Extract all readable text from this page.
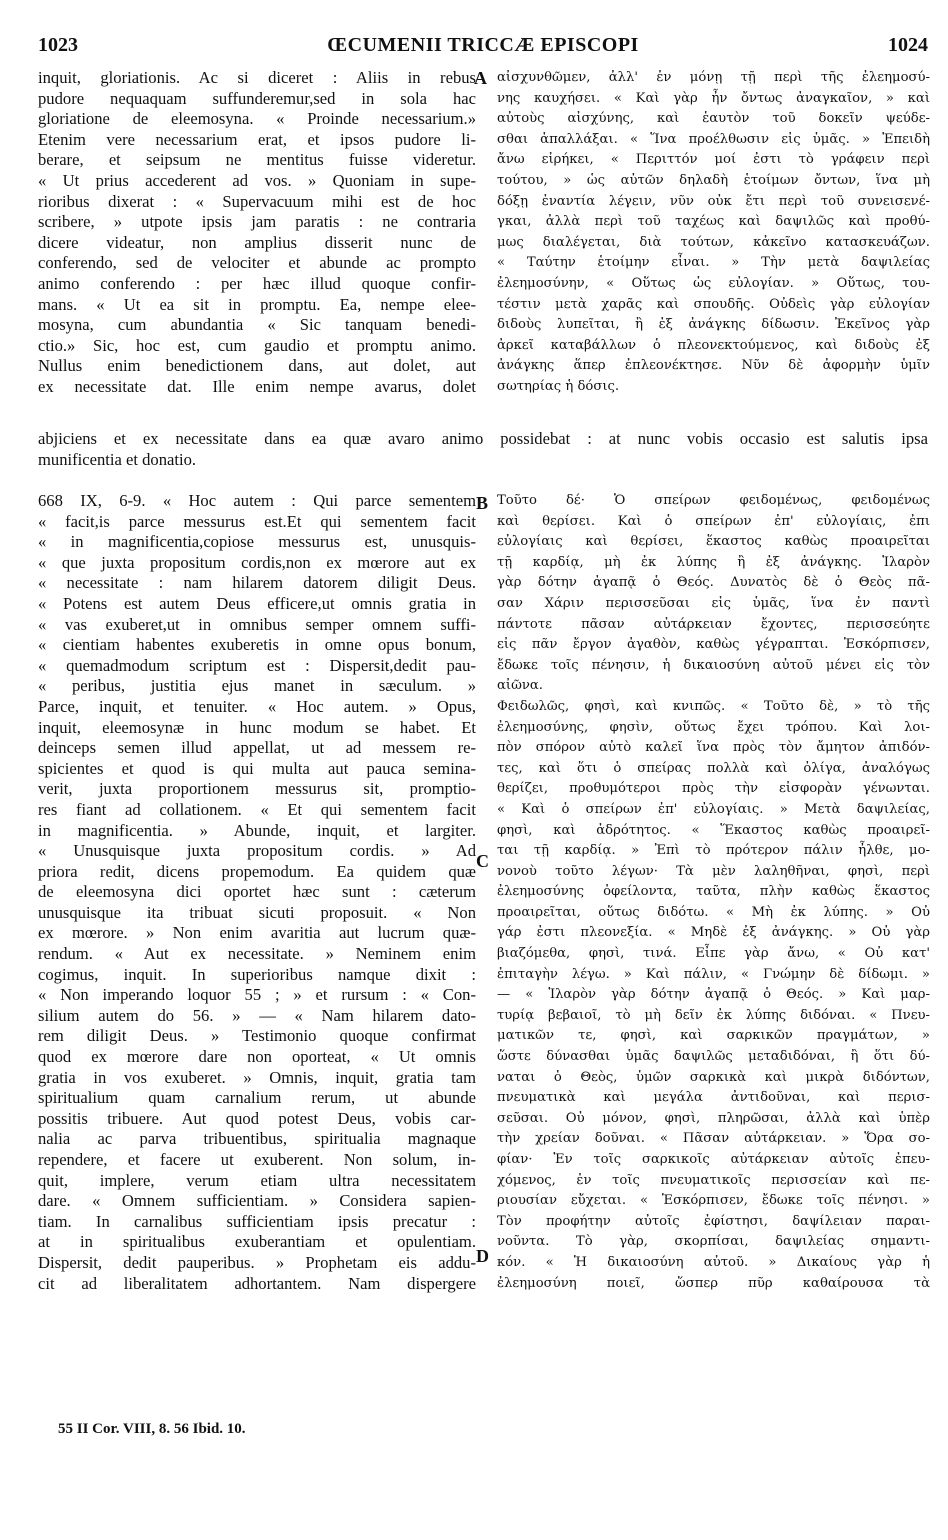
1023	ŒCUMENII TRICCÆ EPISCOPI	1024
inquit, gloriationis. Ac si diceret : Aliis in rebus
pudore nequaquam suffunderemur,sed in sola hac
gloriatione de eleemosyna. « Proinde necessarium.»
Etenim vere necessarium erat, et ipsos pudore li-
berare, et seipsum ne mentitus fuisse videretur.
« Ut prius accederent ad vos. » Quoniam in supe-
rioribus dixerat : « Supervacuum mihi est de hoc
scribere, » utpote ipsis jam paratis : ne contraria
dicere videatur, non amplius disserit nunc de
conferendo, sed de velociter et abunde ac prompto
animo conferendo : per hæc illud quoque confir-
mans. « Ut ea sit in promptu. Ea, nempe elee-
mosyna, cum abundantia « Sic tanquam benedi-
ctio.» Sic, hoc est, cum gaudio et promptu animo.
Nullus enim benedictionem dans, aut dolet, aut
ex necessitate dat. Ille enim nempe avarus, dolet
αἰσχυνθῶμεν, ἀλλ' ἐν μόνῃ τῇ περὶ τῆς ἐλεημοσύ-
νης καυχήσει. « Καὶ γὰρ ἦν ὄντως ἀναγκαῖον, » καὶ
αὐτοὺς αἰσχύνης, καὶ ἑαυτὸν τοῦ δοκεῖν ψεύδε-
σθαι ἀπαλλάξαι. « Ἵνα προέλθωσιν εἰς ὑμᾶς. » Ἐπειδὴ
ἄνω εἰρήκει, « Περιττόν μοί ἐστι τὸ γράφειν περὶ
τούτου, » ὡς αὐτῶν δηλαδὴ ἑτοίμων ὄντων, ἵνα μὴ
δόξῃ ἐναντία λέγειν, νῦν οὐκ ἔτι περὶ τοῦ συνεισενέ-
γκαι, ἀλλὰ περὶ τοῦ ταχέως καὶ δαψιλῶς καὶ προθύ-
μως διαλέγεται, διὰ τούτων, κἀκεῖνο κατασκευάζων.
« Ταύτην ἑτοίμην εἶναι. » Τὴν μετὰ δαψιλείας
ἐλεημοσύνην, « Οὕτως ὡς εὐλογίαν. » Οὕτως, του-
τέστιν μετὰ χαρᾶς καὶ σπουδῆς. Οὐδεὶς γὰρ εὐλογίαν
διδοὺς λυπεῖται, ἢ ἐξ ἀνάγκης δίδωσιν. Ἐκεῖνος γὰρ
ἀρκεῖ καταβάλλων ὁ πλεονεκτούμενος, καὶ διδοὺς ἐξ
ἀνάγκης ἅπερ ἐπλεονέκτησε. Νῦν δὲ ἀφορμὴν ὑμῖν
σωτηρίας ἡ δόσις.
abjiciens et ex necessitate dans ea quæ avaro animo possidebat : at nunc vobis occasio est salutis ipsa
munificentia et donatio.
668 IX, 6-9. « Hoc autem : Qui parce sementem
« facit,is parce messurus est.Et qui sementem facit
« in magnificentia,copiose messurus est, unusquis-
« que juxta propositum cordis,non ex mœrore aut ex
« necessitate : nam hilarem datorem diligit Deus.
« Potens est autem Deus efficere,ut omnis gratia in
« vas exuberet,ut in omnibus semper omnem suffi-
« cientiam habentes exuberetis in omne opus bonum,
« quemadmodum scriptum est : Dispersit,dedit pau-
« peribus, justitia ejus manet in sæculum. »
Parce, inquit, et tenuiter. « Hoc autem. » Opus,
inquit, eleemosynæ in hunc modum se habet. Et
deinceps semen illud appellat, ut ad messem re-
spicientes et quod is qui multa aut pauca semina-
verit, juxta proportionem messurus sit, promptio-
res fiant ad collationem. « Et qui sementem facit
in magnificentia. » Abunde, inquit, et largiter.
« Unusquisque juxta propositum cordis. » Ad
priora redit, dicens propemodum. Ea quidem quæ
de eleemosyna dici oportet hæc sunt : cæterum
unusquisque ita tribuat sicuti proposuit. « Non
ex mœrore. » Non enim avaritia aut lucrum quæ-
rendum. « Aut ex necessitate. » Neminem enim
cogimus, inquit. In superioribus namque dixit :
« Non imperando loquor 55 ; » et rursum : « Con-
silium autem do 56. » — « Nam hilarem dato-
rem diligit Deus. » Testimonio quoque confirmat
quod ex mœrore dare non oporteat, « Ut omnis
gratia in vos exuberet. » Omnis, inquit, gratia tam
spiritualium quam carnalium rerum, ut abunde
possitis tribuere. Aut quod potest Deus, vobis car-
nalia ac parva tribuentibus, spiritualia magnaque
rependere, et facere ut exuberent. Non solum, in-
quit, implere, verum etiam ultra necessitatem
dare. « Omnem sufficientiam. » Considera sapien-
tiam. In carnalibus sufficientiam ipsis precatur :
at in spiritualibus exuberantiam et opulentiam.
Dispersit, dedit pauperibus. » Prophetam eis addu-
cit ad liberalitatem adhortantem. Nam dispergere
Τοῦτο δέ· Ὁ σπείρων φειδομένως, φειδομένως
καὶ θερίσει. Καὶ ὁ σπείρων ἐπ' εὐλογίαις, ἐπι
εὐλογίαις καὶ θερίσει, ἕκαστος καθὼς προαιρεῖται
τῇ καρδίᾳ, μὴ ἐκ λύπης ἢ ἐξ ἀνάγκης. Ἱλαρὸν
γὰρ δότην ἀγαπᾷ ὁ Θεός. Δυνατὸς δὲ ὁ Θεὸς πᾶ-
σαν Χάριν περισσεῦσαι εἰς ὑμᾶς, ἵνα ἐν παντὶ
πάντοτε πᾶσαν αὐτάρκειαν ἔχοντες, περισσεύητε
εἰς πᾶν ἔργον ἀγαθὸν, καθὼς γέγραπται. Ἐσκόρπισεν,
ἔδωκε τοῖς πένησιν, ἡ δικαιοσύνη αὐτοῦ μένει εἰς τὸν
αἰῶνα.
Φειδωλῶς, φησὶ, καὶ κνιπῶς. « Τοῦτο δὲ, » τὸ τῆς
ἐλεημοσύνης, φησὶν, οὕτως ἔχει τρόπου. Καὶ λοι-
πὸν σπόρον αὐτὸ καλεῖ ἵνα πρὸς τὸν ἄμητον ἀπιδόν-
τες, καὶ ὅτι ὁ σπείρας πολλὰ καὶ ὀλίγα, ἀναλόγως
θερίζει, προθυμότεροι πρὸς τὴν εἰσφορὰν γένωνται.
« Καὶ ὁ σπείρων ἐπ' εὐλογίαις. » Μετὰ δαψιλείας,
φησὶ, καὶ ἀδρότητος. « Ἕκαστος καθὼς προαιρεῖ-
ται τῇ καρδίᾳ. » Ἐπὶ τὸ πρότερον πάλιν ἦλθε, μο-
νονοὺ τοῦτο λέγων· Τὰ μὲν λαληθῆναι, φησὶ, περὶ
ἐλεημοσύνης ὀφείλοντα, ταῦτα, πλὴν καθὼς ἕκαστος
προαιρεῖται, οὕτως διδότω. « Μὴ ἐκ λύπης. » Οὐ
γάρ ἐστι πλεονεξία. « Μηδὲ ἐξ ἀνάγκης. » Οὐ γὰρ
βιαζόμεθα, φησὶ, τινά. Εἶπε γὰρ ἄνω, « Οὐ κατ'
ἐπιταγὴν λέγω. » Καὶ πάλιν, « Γνώμην δὲ δίδωμι. »
— « Ἱλαρὸν γὰρ δότην ἀγαπᾷ ὁ Θεός. » Καὶ μαρ-
τυρίᾳ βεβαιοῖ, τὸ μὴ δεῖν ἐκ λύπης διδόναι. « Πνευ-
ματικῶν τε, φησὶ, καὶ σαρκικῶν πραγμάτων, »
ὥστε δύνασθαι ὑμᾶς δαψιλῶς μεταδιδόναι, ἢ ὅτι δύ-
ναται ὁ Θεὸς, ὑμῶν σαρκικὰ καὶ μικρὰ διδόντων,
πνευματικὰ καὶ μεγάλα ἀντιδοῦναι, καὶ περισ-
σεῦσαι. Οὐ μόνον, φησὶ, πληρῶσαι, ἀλλὰ καὶ ὑπὲρ
τὴν χρείαν δοῦναι. « Πᾶσαν αὐτάρκειαν. » Ὅρα σο-
φίαν· Ἐν τοῖς σαρκικοῖς αὐτάρκειαν αὐτοῖς ἐπευ-
χόμενος, ἐν τοῖς πνευματικοῖς περισσείαν καὶ πε-
ριουσίαν εὔχεται. « Ἐσκόρπισεν, ἔδωκε τοῖς πένησι. »
Τὸν προφήτην αὐτοῖς ἐφίστησι, δαψίλειαν παραι-
νοῦντα. Τὸ γὰρ, σκορπίσαι, δαψιλείας σημαντι-
κόν. « Ἡ δικαιοσύνη αὐτοῦ. » Δικαίους γὰρ ἡ
ἐλεημοσύνη ποιεῖ, ὥσπερ πῦρ καθαίρουσα τὰ
A
B
C
D
55 II Cor. VIII, 8. 56 Ibid. 10.
